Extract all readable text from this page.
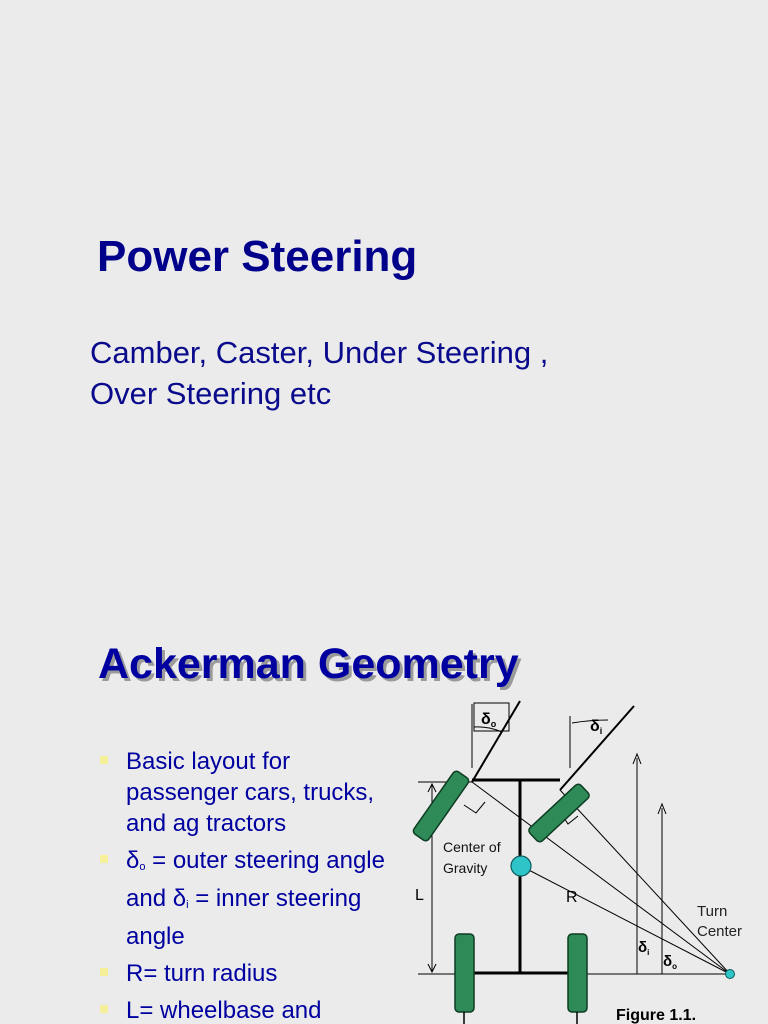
Power Steering
Camber, Caster, Under Steering ,
Over Steering etc
Ackerman Geometry
Basic layout for passenger cars, trucks, and ag tractors
$\delta_o$ = outer steering angle and $\delta_i$ = inner steering angle
R= turn radius
L= wheelbase and
δo	δi
L
Center of
Gravity
R
$\delta_i$
$\delta_o$
Turn
Center
Figure 1.1.
